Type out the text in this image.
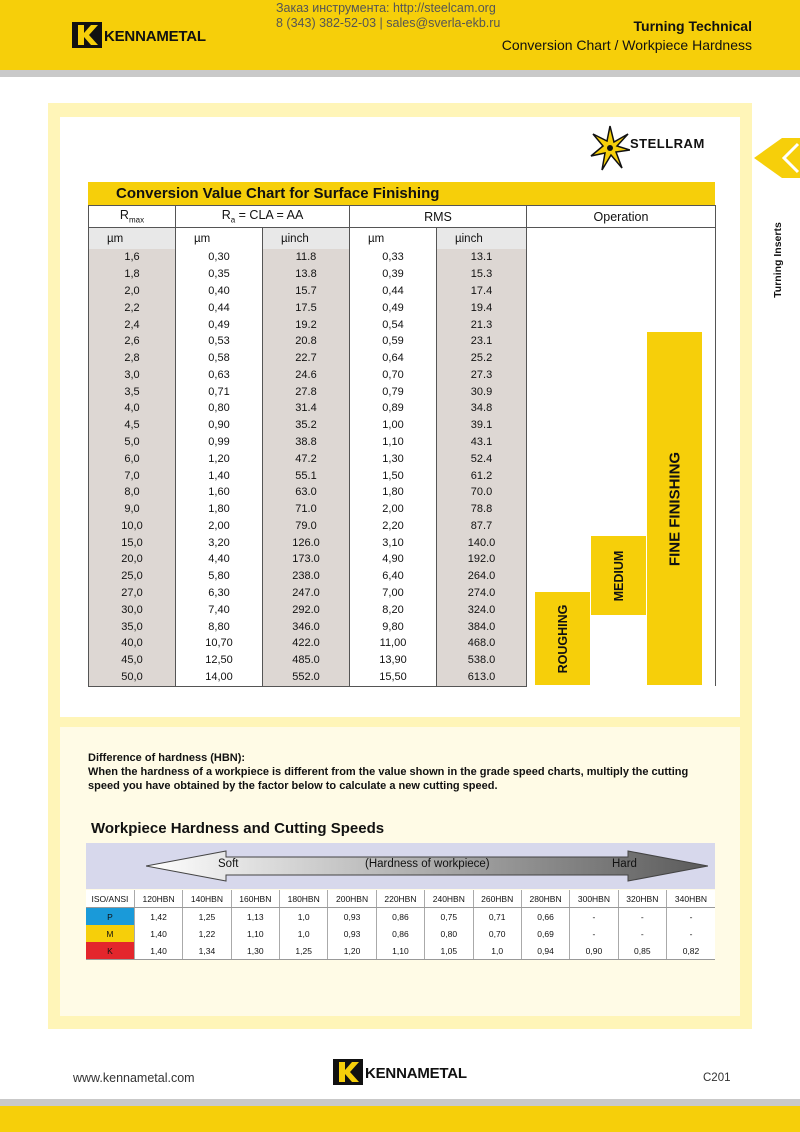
KENNAMETAL
Заказ инструмента: http://steelcam.org
8 (343) 382-52-03 | sales@sverla-ekb.ru	Turning Technical
Conversion Chart / Workpiece Hardness
Turning Inserts
STELLRAM
Conversion Value Chart for Surface Finishing
$R_{max}$	$R_a$ = CLA = AA		RMS		Operation
µm	µm	µinch	µm	µinch	FINE FINISHING
MEDIUM
ROUGHING

1,6	0,30	11.8	0,33	13.1	
1,8	0,35	13.8	0,39	15.3	
2,0	0,40	15.7	0,44	17.4	
2,2	0,44	17.5	0,49	19.4	
2,4	0,49	19.2	0,54	21.3	
2,6	0,53	20.8	0,59	23.1	
2,8	0,58	22.7	0,64	25.2	
3,0	0,63	24.6	0,70	27.3	
3,5	0,71	27.8	0,79	30.9	
4,0	0,80	31.4	0,89	34.8	
4,5	0,90	35.2	1,00	39.1	
5,0	0,99	38.8	1,10	43.1	
6,0	1,20	47.2	1,30	52.4	
7,0	1,40	55.1	1,50	61.2	
8,0	1,60	63.0	1,80	70.0	
9,0	1,80	71.0	2,00	78.8	
10,0	2,00	79.0	2,20	87.7	
15,0	3,20	126.0	3,10	140.0	
20,0	4,40	173.0	4,90	192.0	
25,0	5,80	238.0	6,40	264.0	
27,0	6,30	247.0	7,00	274.0	
30,0	7,40	292.0	8,20	324.0	
35,0	8,80	346.0	9,80	384.0	
40,0	10,70	422.0	11,00	468.0	
45,0	12,50	485.0	13,90	538.0	
50,0	14,00	552.0	15,50	613.0	
Difference of hardness (HBN):
When the hardness of a workpiece is different from the value shown in the grade speed charts, multiply the cutting speed you have obtained by the factor below to calculate a new cutting speed.
Workpiece Hardness and Cutting Speeds
Soft	(Hardness of workpiece)	Hard
ISO/ANSI	120HBN	140HBN	160HBN	180HBN	200HBN	220HBN	240HBN	260HBN	280HBN	300HBN	320HBN	340HBN
P	1,42	1,25	1,13	1,0	0,93	0,86	0,75	0,71	0,66	-	-	-
M	1,40	1,22	1,10	1,0	0,93	0,86	0,80	0,70	0,69	-	-	-
K	1,40	1,34	1,30	1,25	1,20	1,10	1,05	1,0	0,94	0,90	0,85	0,82
www.kennametal.com	KENNAMETAL	C201
